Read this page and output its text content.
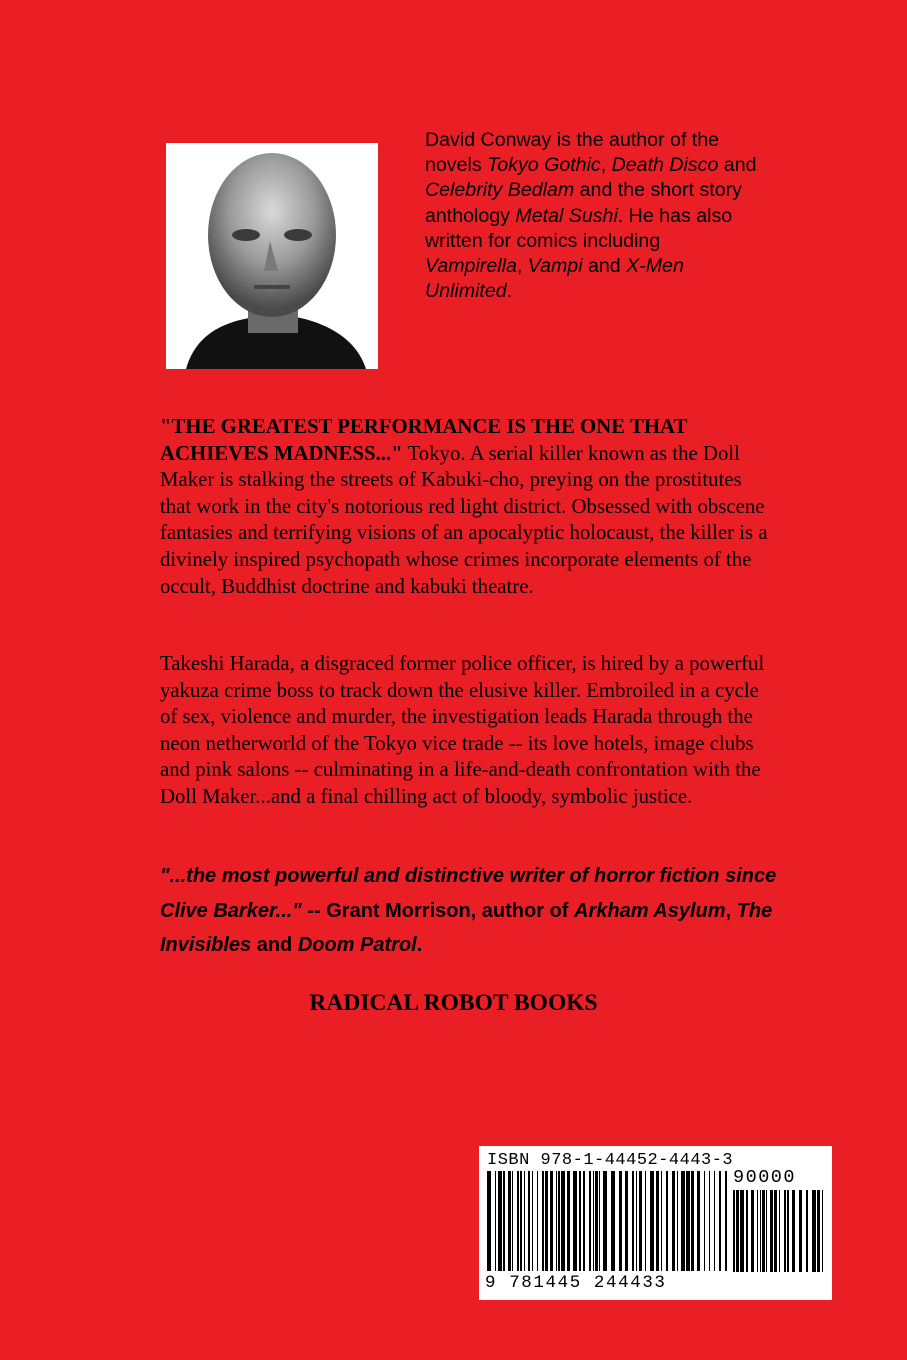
David Conway is the author of the novels Tokyo Gothic, Death Disco and Celebrity Bedlam and the short story anthology Metal Sushi. He has also written for comics including Vampirella, Vampi and X-Men Unlimited.

"THE GREATEST PERFORMANCE IS THE ONE THAT ACHIEVES MADNESS..." Tokyo. A serial killer known as the Doll Maker is stalking the streets of Kabuki-cho, preying on the prostitutes that work in the city's notorious red light district. Obsessed with obscene fantasies and terrifying visions of an apocalyptic holocaust, the killer is a divinely inspired psychopath whose crimes incorporate elements of the occult, Buddhist doctrine and kabuki theatre.

Takeshi Harada, a disgraced former police officer, is hired by a powerful yakuza crime boss to track down the elusive killer. Embroiled in a cycle of sex, violence and murder, the investigation leads Harada through the neon netherworld of the Tokyo vice trade -- its love hotels, image clubs and pink salons -- culminating in a life-and-death confrontation with the Doll Maker...and a final chilling act of bloody, symbolic justice.

"...the most powerful and distinctive writer of horror fiction since Clive Barker..." -- Grant Morrison, author of Arkham Asylum, The Invisibles and Doom Patrol.
RADICAL ROBOT BOOKS
ISBN 978-1-44452-4443-3
90000
9 781445 244433
